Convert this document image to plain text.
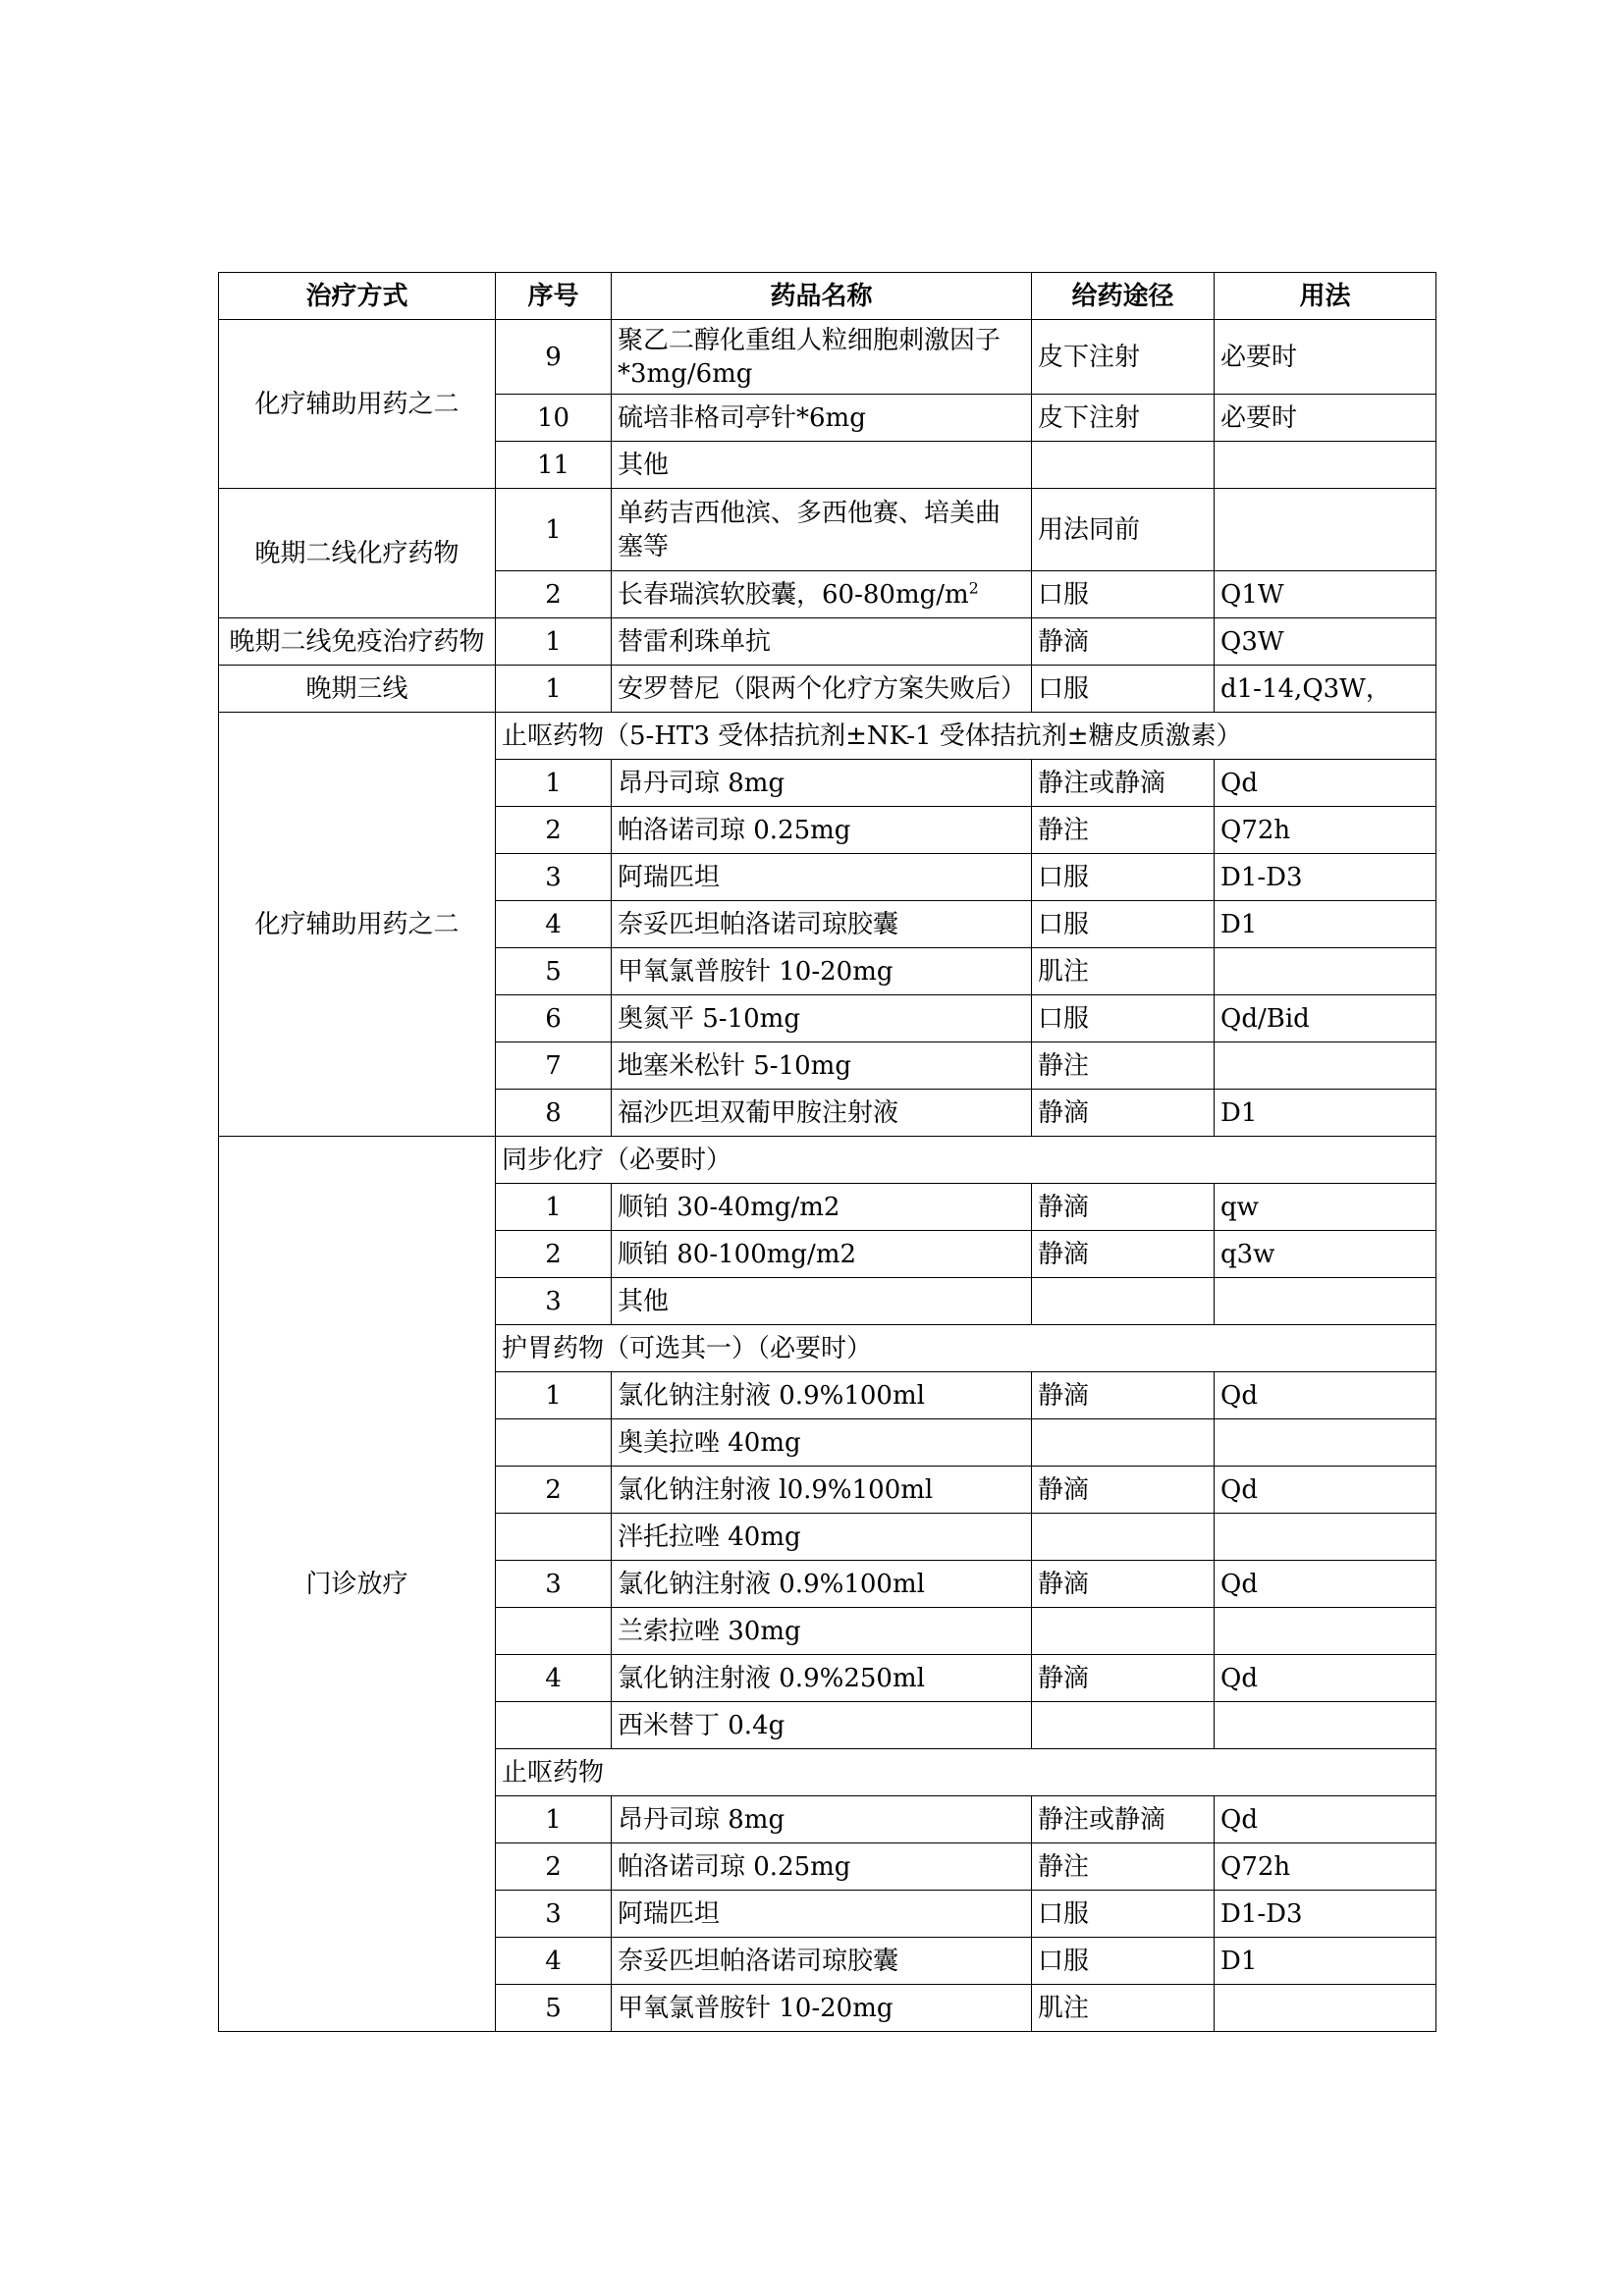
治疗方式	序号	药品名称	给药途径	用法
化疗辅助用药之二	9	聚乙二醇化重组人粒细胞刺激因子*3mg/6mg	皮下注射	必要时
	10	硫培非格司亭针*6mg	皮下注射	必要时
	11	其他		
晚期二线化疗药物	1	单药吉西他滨、多西他赛、培美曲塞等	用法同前	
	2	长春瑞滨软胶囊，$60-80mg/m^2$	口服	Q1W
晚期二线免疫治疗药物	1	替雷利珠单抗	静滴	Q3W
晚期三线	1	安罗替尼（限两个化疗方案失败后）	口服	d1-14,Q3W，
化疗辅助用药之二	止呕药物（5-HT3 受体拮抗剂±NK-1 受体拮抗剂±糖皮质激素）			
	1	昂丹司琼 8mg	静注或静滴	Qd
	2	帕洛诺司琼 0.25mg	静注	Q72h
	3	阿瑞匹坦	口服	D1-D3
	4	奈妥匹坦帕洛诺司琼胶囊	口服	D1
	5	甲氧氯普胺针 10-20mg	肌注	
	6	奥氮平 5-10mg	口服	Qd/Bid
	7	地塞米松针 5-10mg	静注	
	8	福沙匹坦双葡甲胺注射液	静滴	D1
门诊放疗	同步化疗（必要时）			
	1	顺铂 30-40mg/m2	静滴	qw
	2	顺铂 80-100mg/m2	静滴	q3w
	3	其他		
	护胃药物（可选其一）（必要时）			
	1	氯化钠注射液 0.9%100ml	静滴	Qd
		奥美拉唑 40mg		
	2	氯化钠注射液 l0.9%100ml	静滴	Qd
		泮托拉唑 40mg		
	3	氯化钠注射液 0.9%100ml	静滴	Qd
		兰索拉唑 30mg		
	4	氯化钠注射液 0.9%250ml	静滴	Qd
		西米替丁 0.4g		
	止呕药物			
	1	昂丹司琼 8mg	静注或静滴	Qd
	2	帕洛诺司琼 0.25mg	静注	Q72h
	3	阿瑞匹坦	口服	D1-D3
	4	奈妥匹坦帕洛诺司琼胶囊	口服	D1
	5	甲氧氯普胺针 10-20mg	肌注	
